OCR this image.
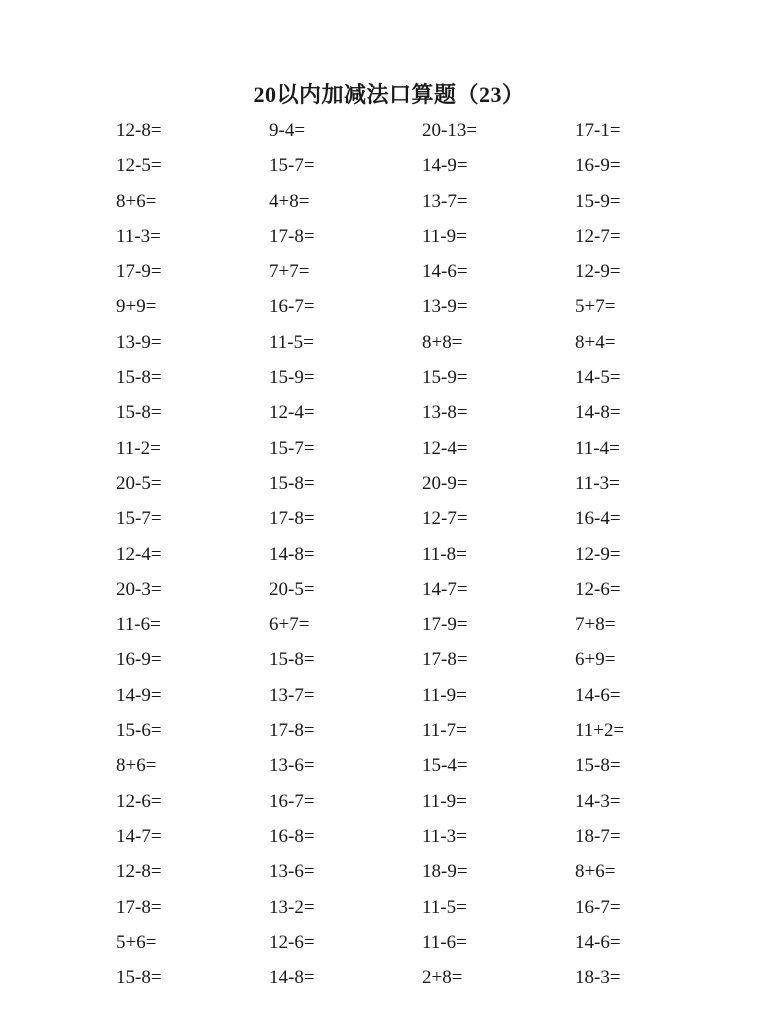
20以内加减法口算题（23）
12-8=	9-4=	20-13=	17-1=
12-5=	15-7=	14-9=	16-9=
8+6=	4+8=	13-7=	15-9=
11-3=	17-8=	11-9=	12-7=
17-9=	7+7=	14-6=	12-9=
9+9=	16-7=	13-9=	5+7=
13-9=	11-5=	8+8=	8+4=
15-8=	15-9=	15-9=	14-5=
15-8=	12-4=	13-8=	14-8=
11-2=	15-7=	12-4=	11-4=
20-5=	15-8=	20-9=	11-3=
15-7=	17-8=	12-7=	16-4=
12-4=	14-8=	11-8=	12-9=
20-3=	20-5=	14-7=	12-6=
11-6=	6+7=	17-9=	7+8=
16-9=	15-8=	17-8=	6+9=
14-9=	13-7=	11-9=	14-6=
15-6=	17-8=	11-7=	11+2=
8+6=	13-6=	15-4=	15-8=
12-6=	16-7=	11-9=	14-3=
14-7=	16-8=	11-3=	18-7=
12-8=	13-6=	18-9=	8+6=
17-8=	13-2=	11-5=	16-7=
5+6=	12-6=	11-6=	14-6=
15-8=	14-8=	2+8=	18-3=
